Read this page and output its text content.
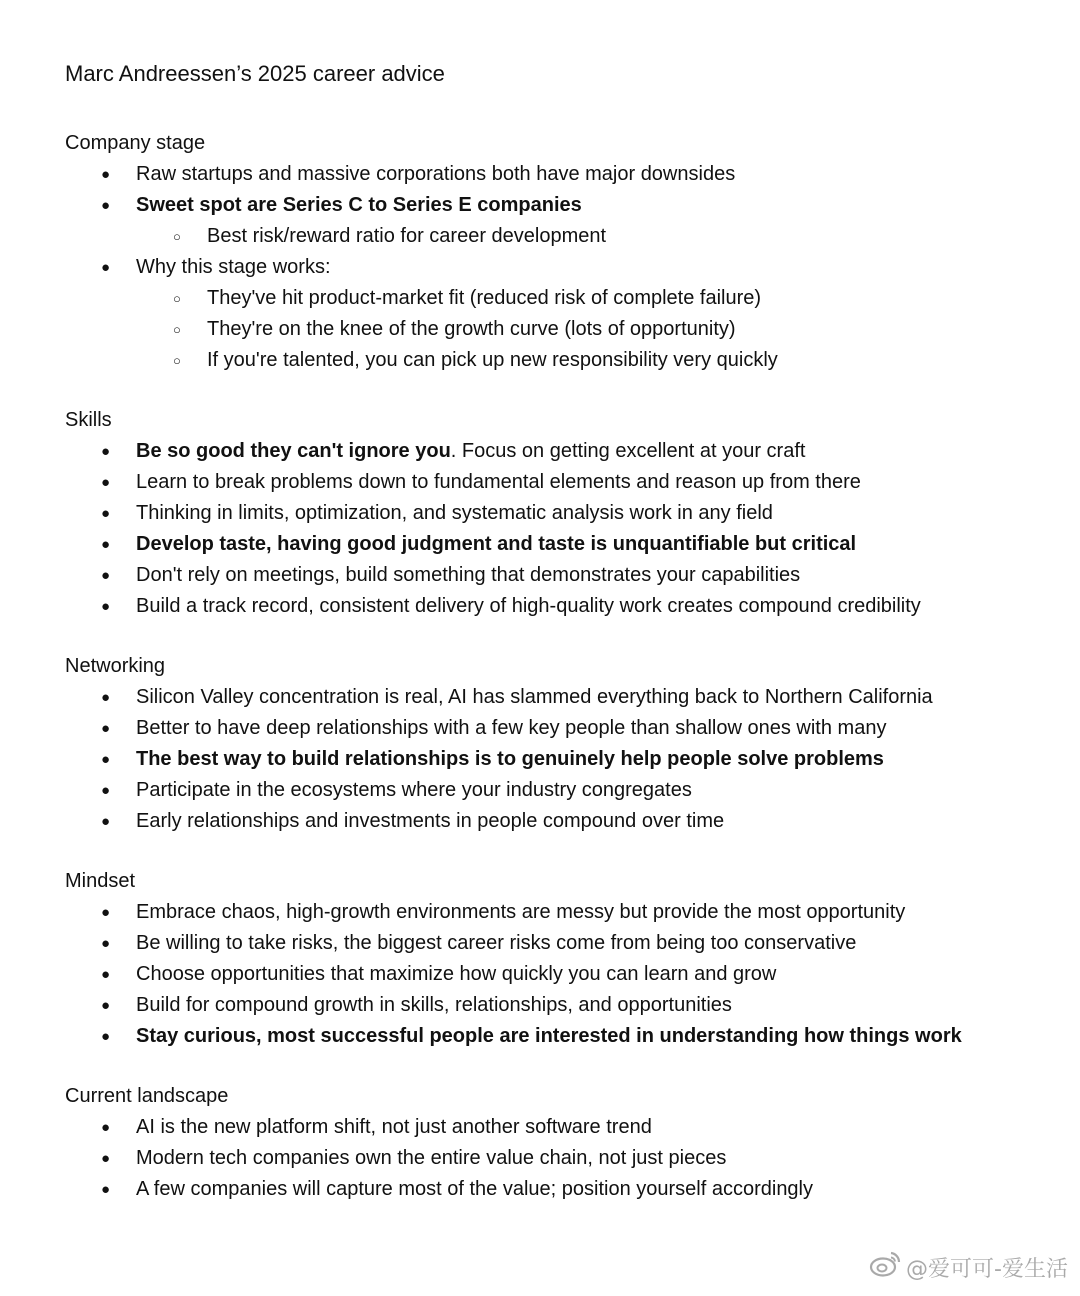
Marc Andreessen’s 2025 career advice
Company stage
● Raw startups and massive corporations both have major downsides
● Sweet spot are Series C to Series E companies
○ Best risk/reward ratio for career development
● Why this stage works:
○ They've hit product-market fit (reduced risk of complete failure)
○ They're on the knee of the growth curve (lots of opportunity)
○ If you're talented, you can pick up new responsibility very quickly
Skills
● Be so good they can't ignore you. Focus on getting excellent at your craft
● Learn to break problems down to fundamental elements and reason up from there
● Thinking in limits, optimization, and systematic analysis work in any field
● Develop taste, having good judgment and taste is unquantifiable but critical
● Don't rely on meetings, build something that demonstrates your capabilities
● Build a track record, consistent delivery of high-quality work creates compound credibility
Networking
● Silicon Valley concentration is real, AI has slammed everything back to Northern California
● Better to have deep relationships with a few key people than shallow ones with many
● The best way to build relationships is to genuinely help people solve problems
● Participate in the ecosystems where your industry congregates
● Early relationships and investments in people compound over time
Mindset
● Embrace chaos, high-growth environments are messy but provide the most opportunity
● Be willing to take risks, the biggest career risks come from being too conservative
● Choose opportunities that maximize how quickly you can learn and grow
● Build for compound growth in skills, relationships, and opportunities
● Stay curious, most successful people are interested in understanding how things work
Current landscape
● AI is the new platform shift, not just another software trend
● Modern tech companies own the entire value chain, not just pieces
● A few companies will capture most of the value; position yourself accordingly
@爱可可-爱生活
